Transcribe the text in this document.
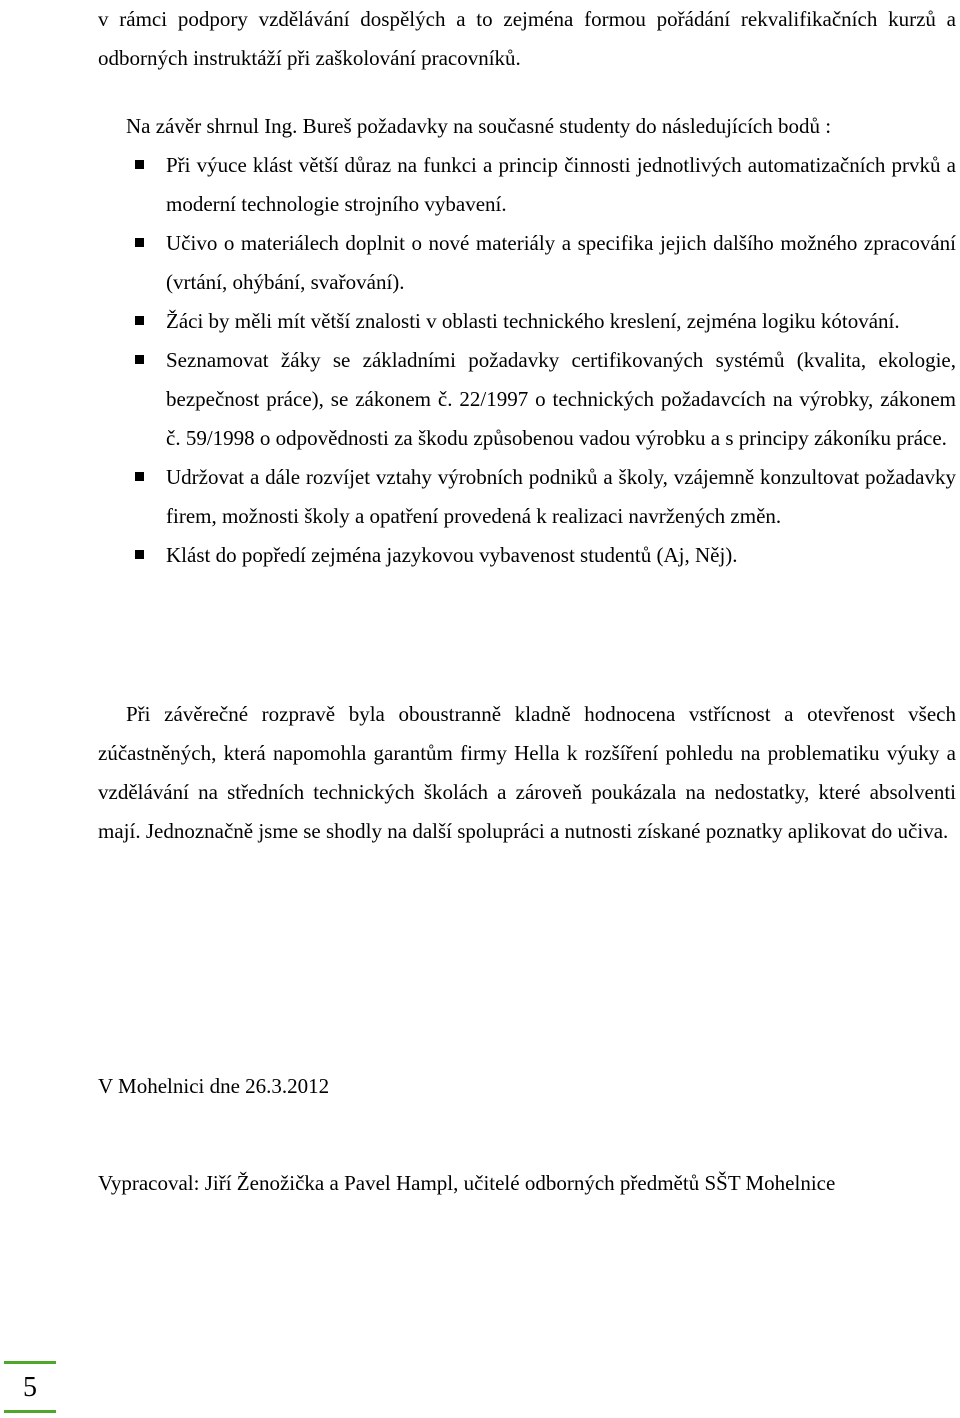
v rámci podpory vzdělávání dospělých a to zejména formou pořádání rekvalifikačních kurzů a odborných instruktáží při zaškolování pracovníků.
Na závěr shrnul Ing. Bureš požadavky na současné studenty do následujících bodů :
Při výuce klást větší důraz na funkci a princip činnosti jednotlivých automatizačních prvků a moderní technologie strojního vybavení.
Učivo o materiálech doplnit o nové materiály a specifika jejich dalšího možného zpracování (vrtání, ohýbání, svařování).
Žáci by měli mít větší znalosti v oblasti technického kreslení, zejména logiku kótování.
Seznamovat žáky se základními požadavky certifikovaných systémů (kvalita, ekologie, bezpečnost práce), se zákonem č. 22/1997 o technických požadavcích na výrobky, zákonem č. 59/1998 o odpovědnosti za škodu způsobenou vadou výrobku a s principy zákoníku práce.
Udržovat a dále rozvíjet vztahy výrobních podniků a školy, vzájemně konzultovat požadavky firem, možnosti školy a opatření provedená k realizaci navržených změn.
Klást do popředí zejména jazykovou vybavenost studentů (Aj, Něj).
Při závěrečné rozpravě byla oboustranně kladně hodnocena vstřícnost a otevřenost všech zúčastněných, která napomohla garantům firmy Hella k rozšíření pohledu na problematiku výuky a vzdělávání na středních technických školách a zároveň poukázala na nedostatky, které absolventi mají. Jednoznačně jsme se shodly na další spolupráci a nutnosti získané poznatky aplikovat do učiva.
V Mohelnici dne 26.3.2012
Vypracoval: Jiří Ženožička a Pavel Hampl, učitelé odborných předmětů SŠT Mohelnice
5
